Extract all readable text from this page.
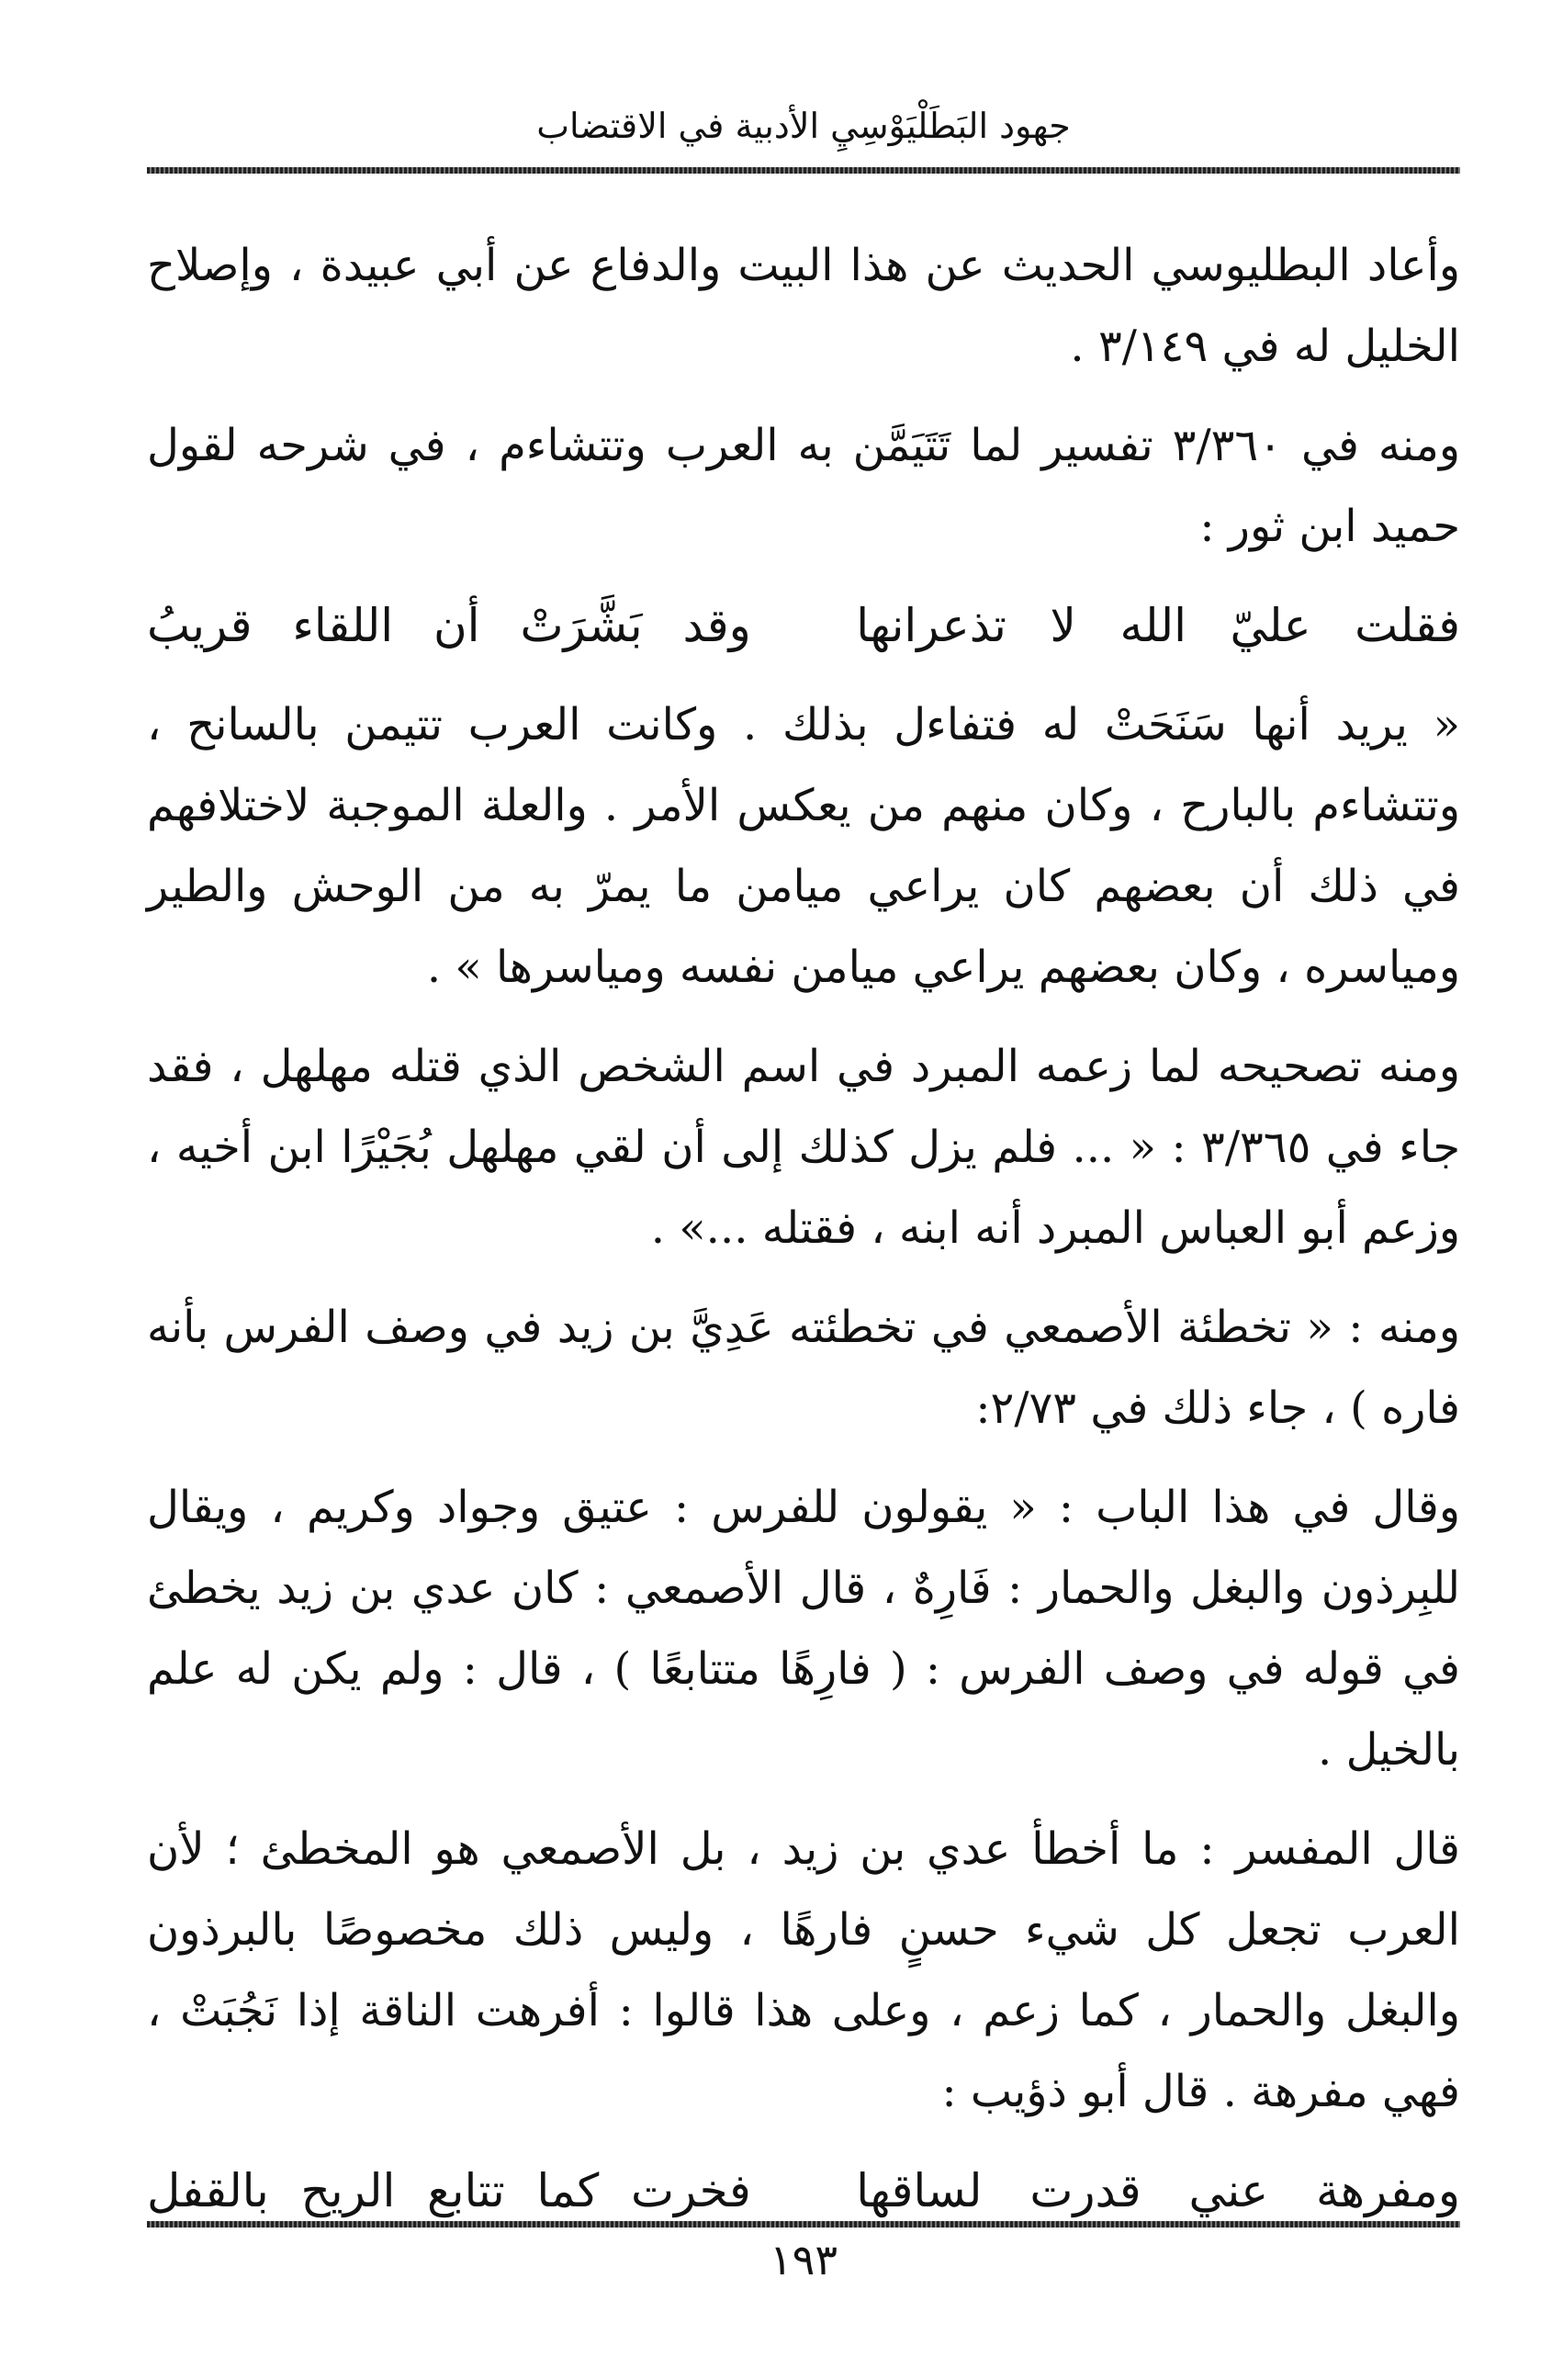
جهود البَطَلْيَوْسِيِ الأدبية في الاقتضاب

وأعاد البطليوسي الحديث عن هذا البيت والدفاع عن أبي عبيدة ، وإصلاح الخليل له في ٣/١٤٩ .

ومنه في ٣/٣٦٠ تفسير لما تَتَيَمَّن به العرب وتتشاءم ، في شرحه لقول حميد ابن ثور :

فقلت عليّ الله لا تذعرانها
وقد بَشَّرَتْ أن اللقاء قريبُ

« يريد أنها سَنَحَتْ له فتفاءل بذلك . وكانت العرب تتيمن بالسانح ، وتتشاءم بالبارح ، وكان منهم من يعكس الأمر . والعلة الموجبة لاختلافهم في ذلك أن بعضهم كان يراعي ميامن ما يمرّ به من الوحش والطير ومياسره ، وكان بعضهم يراعي ميامن نفسه ومياسرها » .

ومنه تصحيحه لما زعمه المبرد في اسم الشخص الذي قتله مهلهل ، فقد جاء في ٣/٣٦٥ : « ... فلم يزل كذلك إلى أن لقي مهلهل بُجَيْرًا ابن أخيه ، وزعم أبو العباس المبرد أنه ابنه ، فقتله ...» .

ومنه : « تخطئة الأصمعي في تخطئته عَدِيَّ بن زيد في وصف الفرس بأنه فاره ) ، جاء ذلك في ٢/٧٣:

وقال في هذا الباب : « يقولون للفرس : عتيق وجواد وكريم ، ويقال للبِرذون والبغل والحمار : فَارِهٌ ، قال الأصمعي : كان عدي بن زيد يخطئ في قوله في وصف الفرس : ( فارِهًا متتابعًا ) ، قال : ولم يكن له علم بالخيل .

قال المفسر : ما أخطأ عدي بن زيد ، بل الأصمعي هو المخطئ ؛ لأن العرب تجعل كل شيء حسنٍ فارهًا ، وليس ذلك مخصوصًا بالبرذون والبغل والحمار ، كما زعم ، وعلى هذا قالوا : أفرهت الناقة إذا نَجُبَتْ ، فهي مفرهة . قال أبو ذؤيب :

ومفرهة عني قدرت لساقها
فخرت كما تتابع الريح بالقفل
١٩٣
